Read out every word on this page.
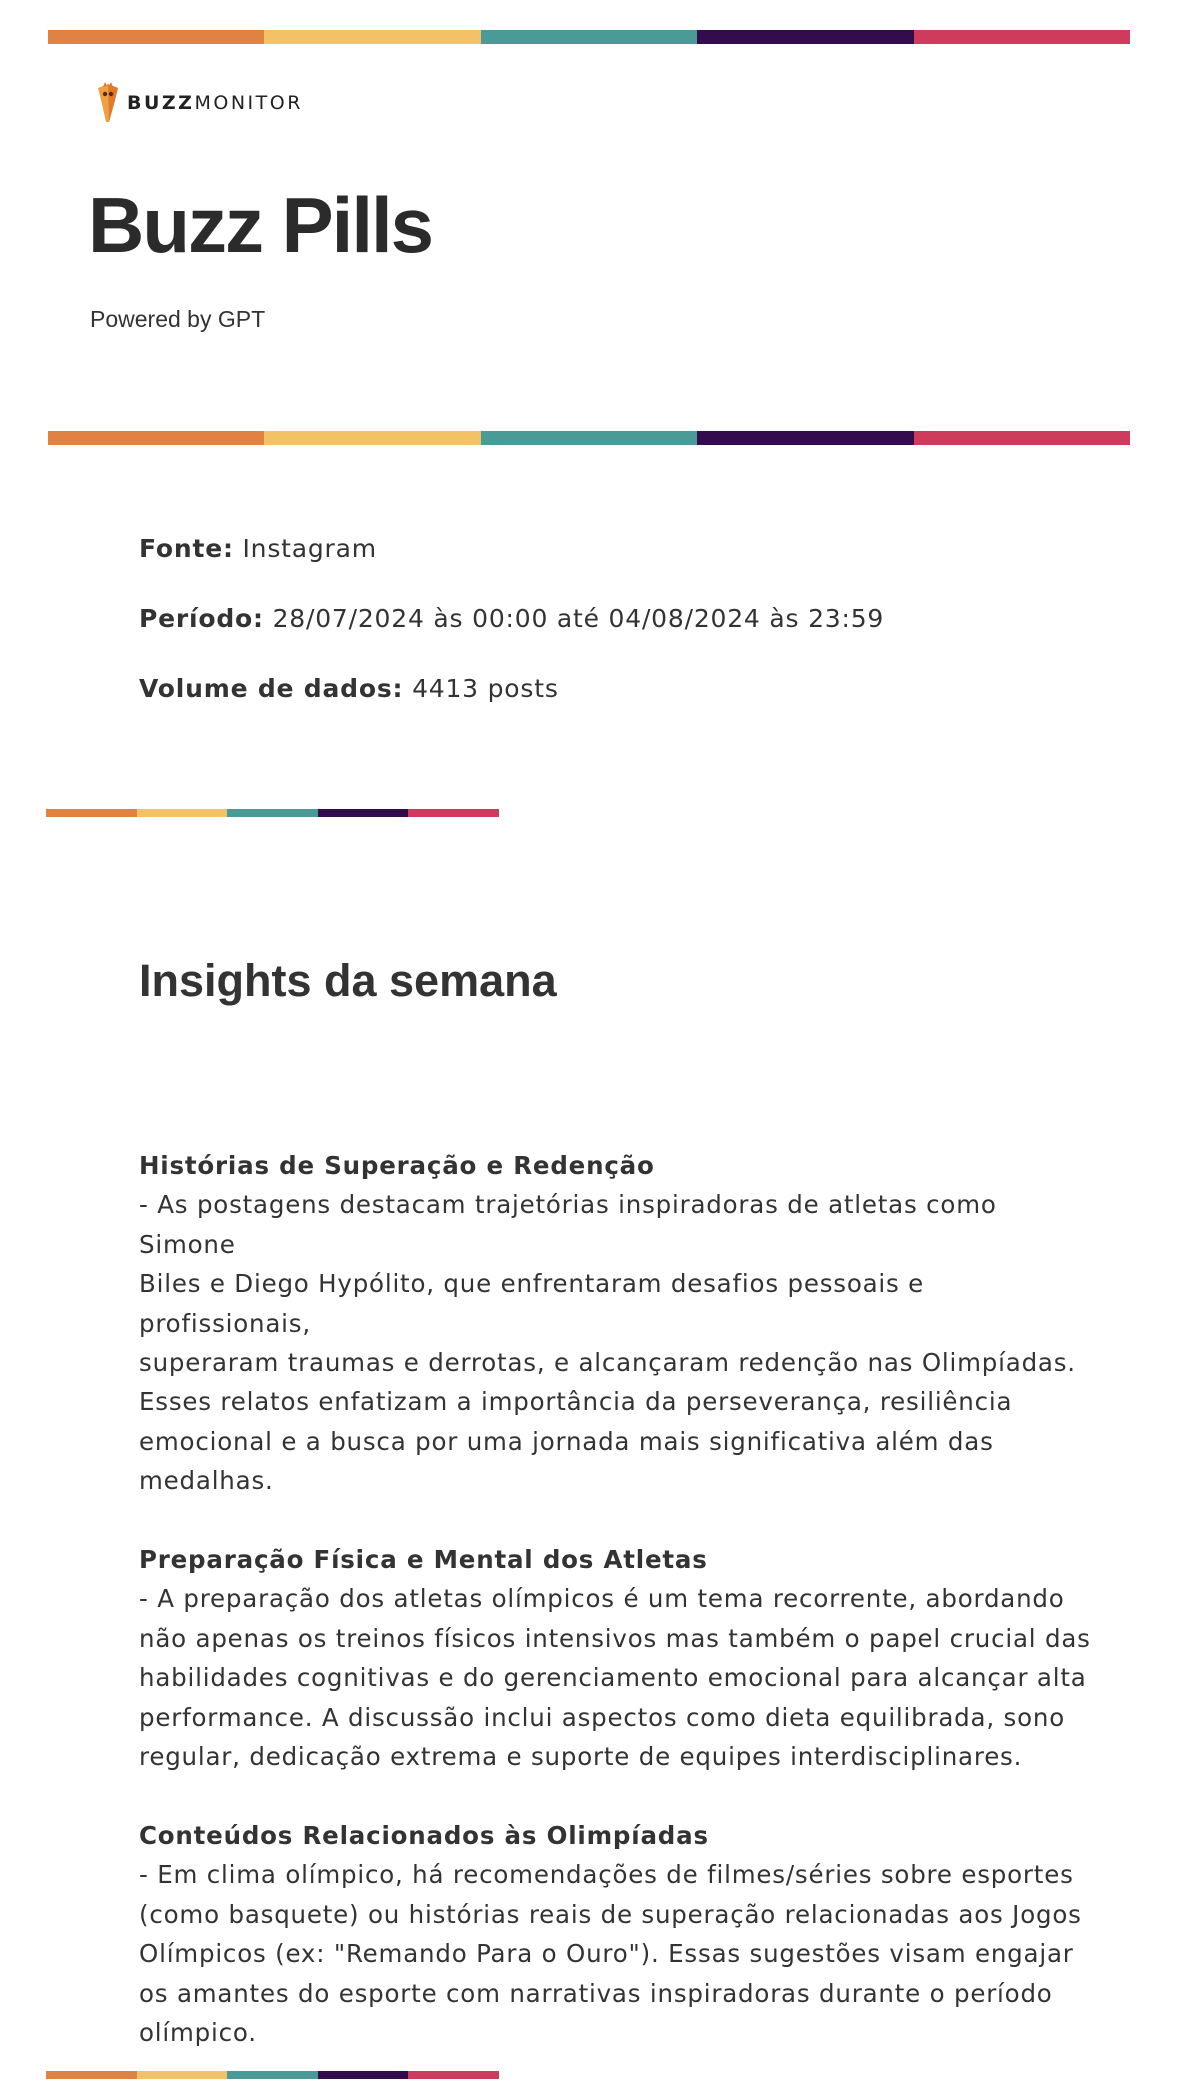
BUZZMONITOR
Buzz Pills
Powered by GPT
Fonte: Instagram
Período: 28/07/2024 às 00:00 até 04/08/2024 às 23:59
Volume de dados: 4413 posts
Insights da semana
Histórias de Superação e Redenção
- As postagens destacam trajetórias inspiradoras de atletas como Simone
Biles e Diego Hypólito, que enfrentaram desafios pessoais e profissionais,
superaram traumas e derrotas, e alcançaram redenção nas Olimpíadas.
Esses relatos enfatizam a importância da perseverança, resiliência
emocional e a busca por uma jornada mais significativa além das
medalhas.
Preparação Física e Mental dos Atletas
- A preparação dos atletas olímpicos é um tema recorrente, abordando
não apenas os treinos físicos intensivos mas também o papel crucial das
habilidades cognitivas e do gerenciamento emocional para alcançar alta
performance. A discussão inclui aspectos como dieta equilibrada, sono
regular, dedicação extrema e suporte de equipes interdisciplinares.
Conteúdos Relacionados às Olimpíadas
- Em clima olímpico, há recomendações de filmes/séries sobre esportes
(como basquete) ou histórias reais de superação relacionadas aos Jogos
Olímpicos (ex: "Remando Para o Ouro"). Essas sugestões visam engajar
os amantes do esporte com narrativas inspiradoras durante o período
olímpico.
